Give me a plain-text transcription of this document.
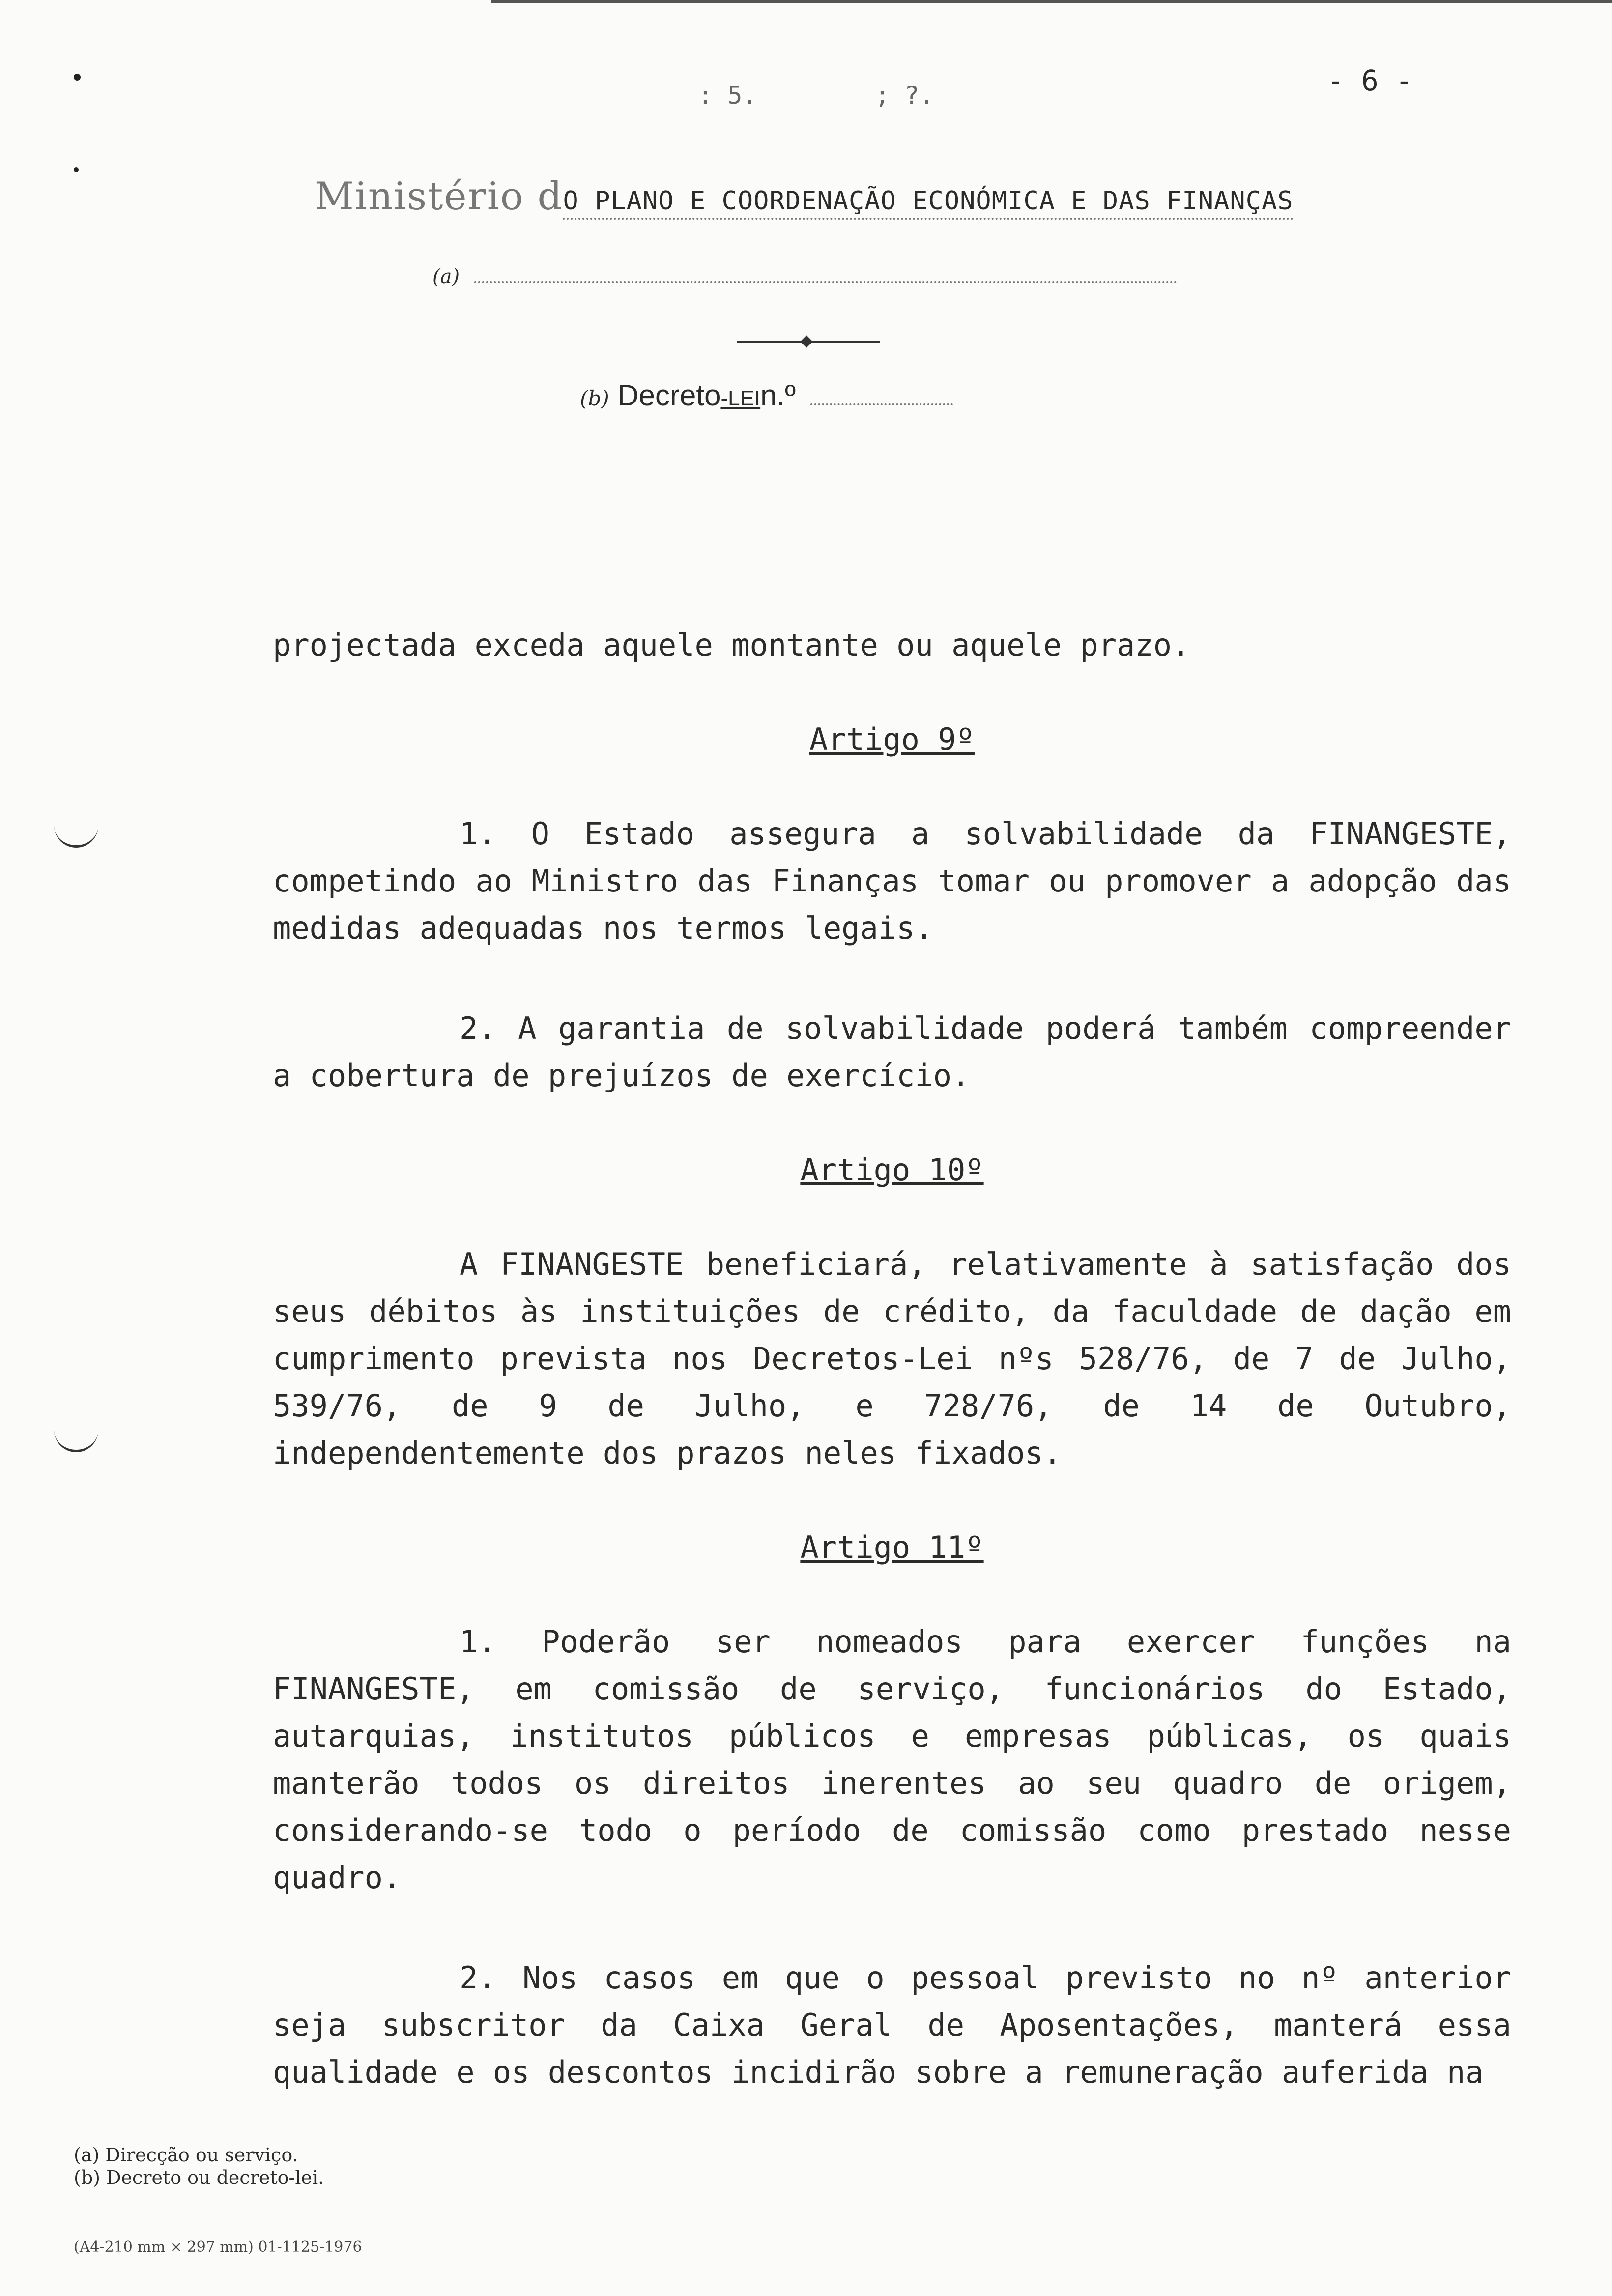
- 6 -
: 5.	; ?.
Ministério dO PLANO E COORDENAÇÃO ECONÓMICA E DAS FINANÇAS
(a)
(b) Decreto-LEIn.º

projectada exceda aquele montante ou aquele prazo.

Artigo 9º

1. O Estado assegura a solvabilidade da FINANGESTE, competindo ao Ministro das Finanças tomar ou promover a adopção das medidas adequadas nos termos legais.

2. A garantia de solvabilidade poderá também compreender a cobertura de prejuízos de exercício.

Artigo 10º

A FINANGESTE beneficiará, relativamente à satisfação dos seus débitos às instituições de crédito, da faculdade de dação em cumprimento prevista nos Decretos-Lei nºs 528/76, de 7 de Julho, 539/76, de 9 de Julho, e 728/76, de 14 de Outubro, independentemente dos prazos neles fixados.

Artigo 11º

1. Poderão ser nomeados para exercer funções na FINANGESTE, em comissão de serviço, funcionários do Estado, autarquias, institutos públicos e empresas públicas, os quais manterão todos os direitos inerentes ao seu quadro de origem, considerando-se todo o período de comissão como prestado nesse quadro.

2. Nos casos em que o pessoal previsto no nº anterior seja subscritor da Caixa Geral de Aposentações, manterá essa qualidade e os descontos incidirão sobre a remuneração auferida na

(a) Direcção ou serviço.
(b) Decreto ou decreto-lei.
(A4-210 mm × 297 mm) 01-1125-1976
